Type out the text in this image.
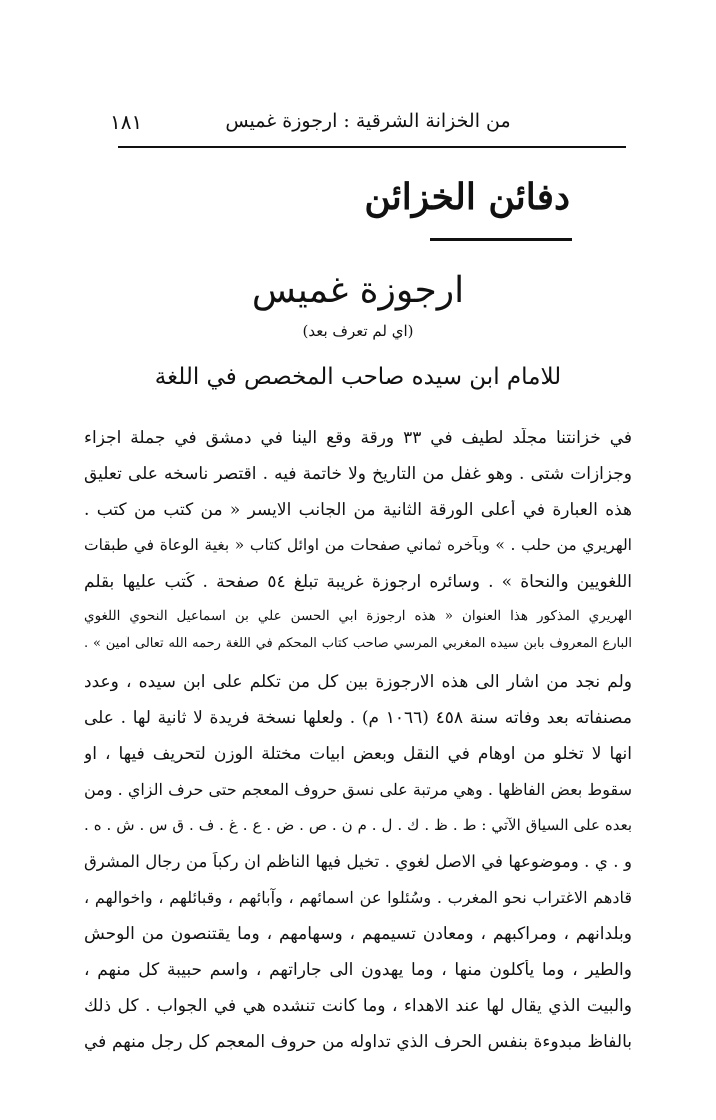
من الخزانة الشرقية : ارجوزة غميس
١٨١
دفائن الخزائن
ارجوزة غميس
(اي لم تعرف بعد)
للامام ابن سيده صاحب المخصص في اللغة
في خزانتنا مجلّد لطيف في ٣٣ ورقة وقع الينا في دمشق في جملة اجزاء
وجزازات شتى . وهو غفل من التاريخ ولا خاتمة فيه . اقتصر ناسخه على تعليق
هذه العبارة في أعلى الورقة الثانية من الجانب الايسر « من كتب من كتب .
الهريري من حلب . » وبآخره ثماني صفحات من اوائل كتاب « بغية الوعاة في طبقات
اللغويين والنحاة » . وسائره ارجوزة غريبة تبلغ ٥٤ صفحة . كُتب عليها بقلم
الهريري المذكور هذا العنوان « هذه ارجوزة ابي الحسن علي بن اسماعيل النحوي اللغوي
البارع المعروف بابن سيده المغربي المرسي صاحب كتاب المحكم في اللغة رحمه الله تعالى آمين » .
ولم نجد من اشار الى هذه الارجوزة بين كل من تكلم على ابن سيده ، وعدد
مصنفاته بعد وفاته سنة ٤٥٨ (١٠٦٦ م) . ولعلها نسخة فريدة لا ثانية لها . على
انها لا تخلو من اوهام في النقل وبعض ابيات مختلة الوزن لتحريف فيها ، او
سقوط بعض الفاظها . وهي مرتبة على نسق حروف المعجم حتى حرف الزاي . ومن
بعده على السياق الآتي : ط . ظ . ك . ل . م ن . ص . ض . ع . غ . ف . ق س . ش . ه .
و . ي . وموضوعها في الاصل لغوي . تخيل فيها الناظم ان ركباً من رجال المشرق
قادهم الاغتراب نحو المغرب . وسُئلوا عن اسمائهم ، وآبائهم ، وقبائلهم ، واخوالهم ،
وبلدانهم ، ومراكبهم ، ومعادن تسيمهم ، وسهامهم ، وما يقتنصون من الوحش
والطير ، وما يأكلون منها ، وما يهدون الى جاراتهم ، واسم حبيبة كل منهم ،
والبيت الذي يقال لها عند الاهداء ، وما كانت تنشده هي في الجواب . كل ذلك
بالفاظ مبدوءة بنفس الحرف الذي تداوله من حروف المعجم كل رجل منهم في
